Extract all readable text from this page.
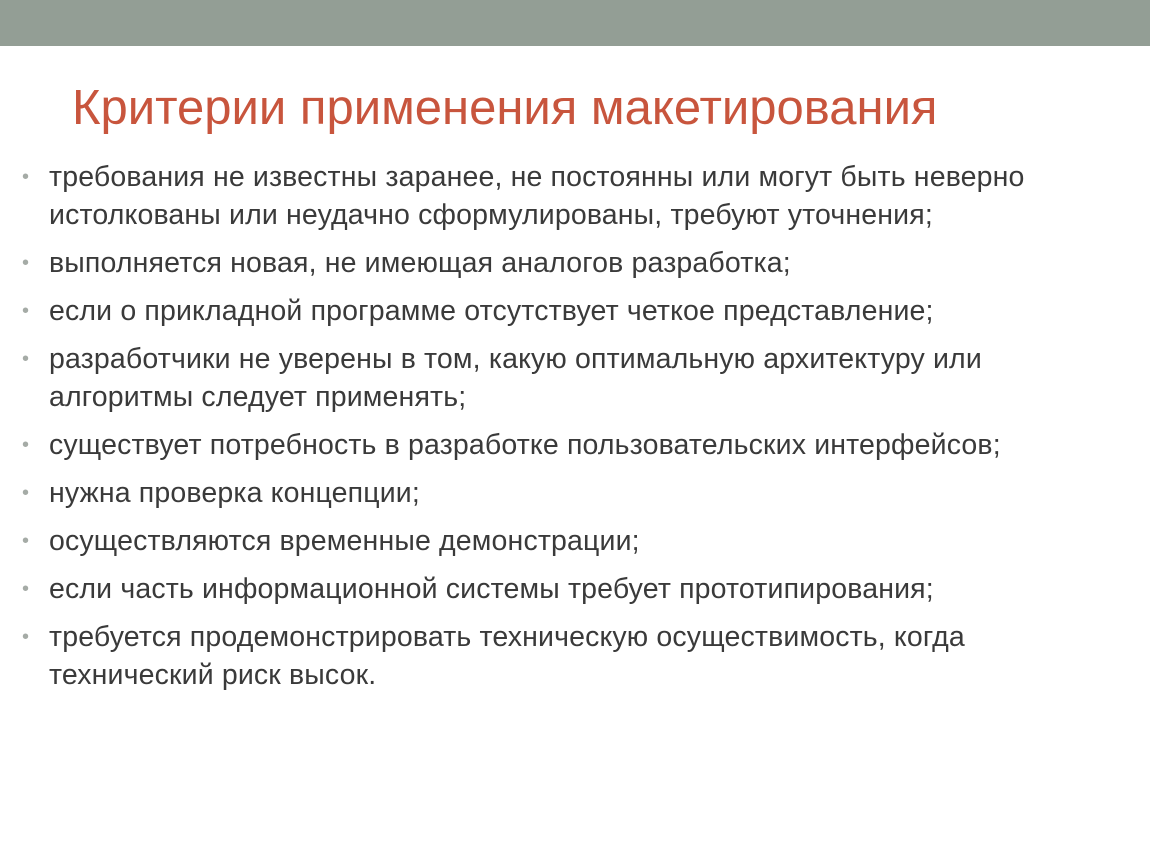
Критерии применения макетирования
• требования не известны заранее, не постоянны или могут быть неверно истолкованы или неудачно сформулированы, требуют уточнения;
• выполняется новая, не имеющая аналогов разработка;
• если о прикладной программе отсутствует четкое представление;
• разработчики не уверены в том, какую оптимальную архитектуру или алгоритмы следует применять;
• существует потребность в разработке пользовательских интерфейсов;
• нужна проверка концепции;
• осуществляются временные демонстрации;
• если часть информационной системы требует прототипирования;
• требуется продемонстрировать техническую осуществимость, когда технический риск высок.
